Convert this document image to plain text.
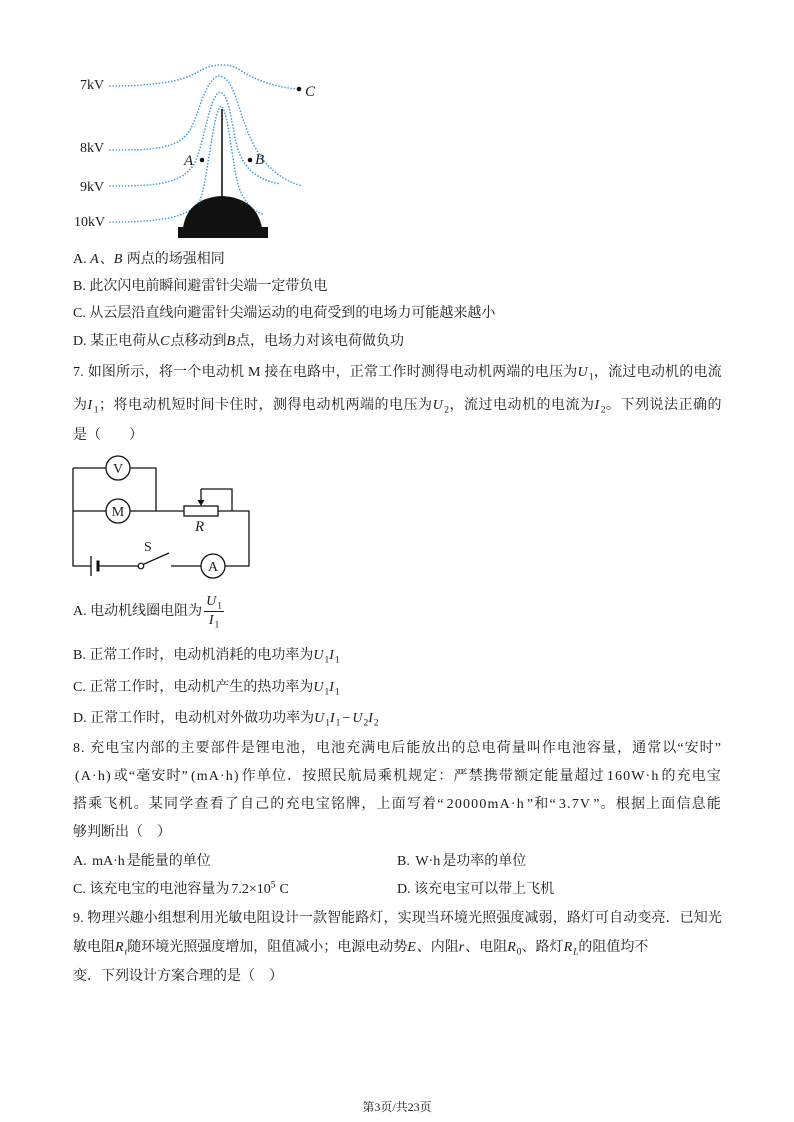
7kV
8kV
9kV
10kV
A	B
C
A. A、B 两点的场强相同
B. 此次闪电前瞬间避雷针尖端一定带负电
C. 从云层沿直线向避雷针尖端运动的电荷受到的电场力可能越来越小
D. 某正电荷从C点移动到B点，电场力对该电荷做负功
7. 如图所示，将一个电动机 M 接在电路中，正常工作时测得电动机两端的电压为$U_1$，流过电动机的电流
为$I_1$；将电动机短时间卡住时，测得电动机两端的电压为$U_2$，流过电动机的电流为$I_2$。下列说法正确的
是（　　）
V
M
A
R
S
A. 电动机线圈电阻为 $\frac{U_1}{I_1}$
B. 正常工作时，电动机消耗的电功率为$U_1I_1$
C. 正常工作时，电动机产生的热功率为$U_1I_1$
D. 正常工作时，电动机对外做功功率为$U_1I_1 - U_2I_2$
8. 充电宝内部的主要部件是锂电池，电池充满电后能放出的总电荷量叫作电池容量，通常以“安时”
(A·h) 或“毫安时” (mA·h) 作单位．按照民航局乘机规定：严禁携带额定能量超过 160W·h 的充电宝
搭乘飞机。某同学查看了自己的充电宝铭牌，上面写着“ 20000mA·h ”和“ 3.7V ”。根据上面信息能
够判断出（　）
A. mA·h 是能量的单位	B. W·h 是功率的单位
C. 该充电宝的电池容量为 $7.2\times 10^5$ C	D. 该充电宝可以带上飞机
9. 物理兴趣小组想利用光敏电阻设计一款智能路灯，实现当环境光照强度减弱，路灯可自动变亮．已知光
敏电阻$R_t$随环境光照强度增加，阻值减小；电源电动势E、内阻r、电阻$R_0$、路灯$R_L$的阻值均不
变．下列设计方案合理的是（　）
第3页/共23页
